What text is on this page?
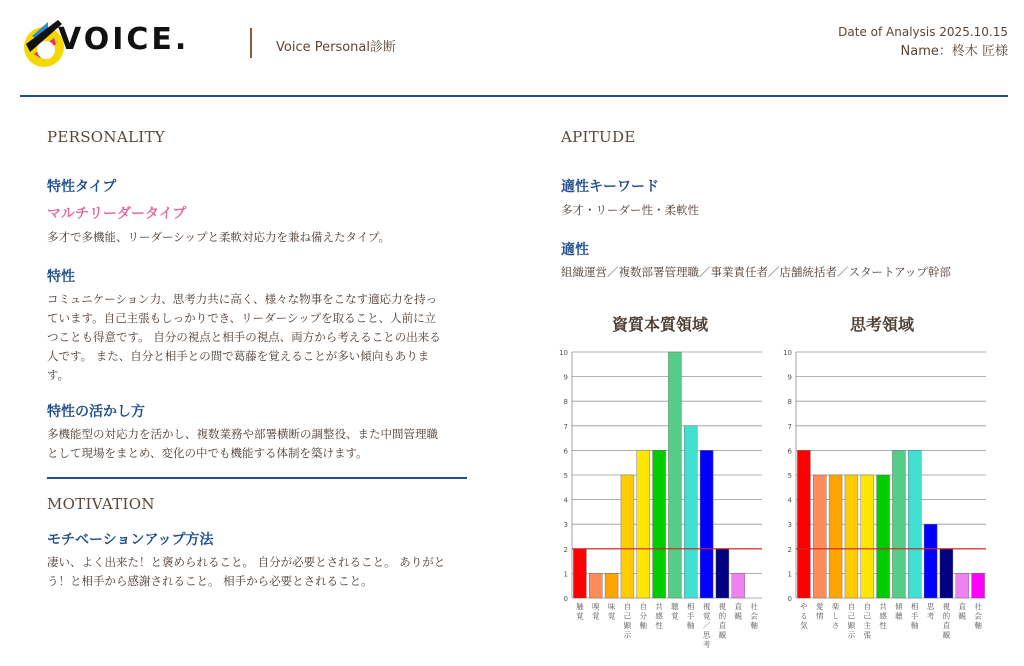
VOICE.	Voice Personal診断
Date of Analysis 2025.10.15
Name：柊木 匠様
PERSONALITY
特性タイプ
マルチリーダータイプ
多才で多機能、リーダーシップと柔軟対応力を兼ね備えたタイプ。
特性
コミュニケーション力、思考力共に高く、様々な物事をこなす適応力を持っ
ています。自己主張もしっかりでき、リーダーシップを取ること、人前に立
つことも得意です。 自分の視点と相手の視点、両方から考えることの出来る
人です。 また、自分と相手との間で葛藤を覚えることが多い傾向もありま
す。
特性の活かし方
多機能型の対応力を活かし、複数業務や部署横断の調整役、また中間管理職
として現場をまとめ、変化の中でも機能する体制を築けます。
MOTIVATION
モチベーションアップ方法
凄い、よく出来た！と褒められること。 自分が必要とされること。 ありがと
う！と相手から感謝されること。 相手から必要とされること。
APITUDE
適性キーワード
多才・リーダー性・柔軟性
適性
組織運営／複数部署管理職／事業責任者／店舗統括者／スタートアップ幹部
資質本質領域	思考領域
0
1
2
3
4
5
6
7
8
9
10
触覚
嗅覚
味覚
自己顕示
自分軸
共感性
聴覚
相手軸
視覚／思考
視的直観
直観
社会軸
0
1
2
3
4
5
6
7
8
9
10
やる気
愛情
楽しさ
自己顕示
自己主張
共感性
傾聴
相手軸
思考
視的直観
直観
社会軸
